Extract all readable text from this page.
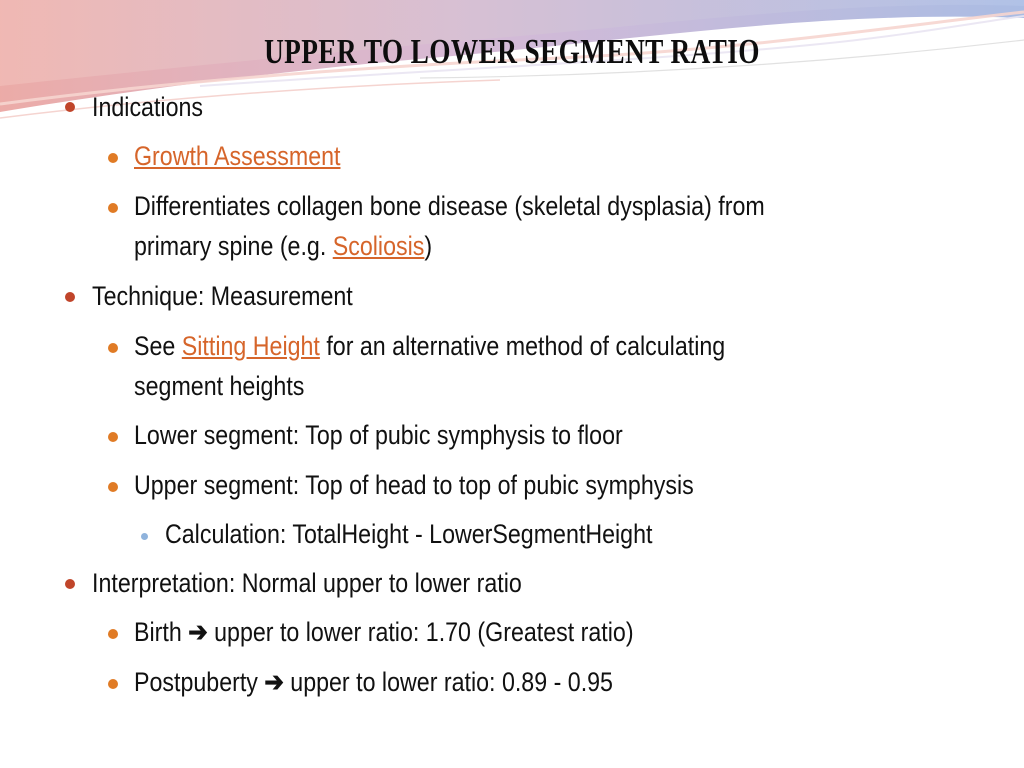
UPPER TO LOWER SEGMENT RATIO
Indications
Growth Assessment
Differentiates collagen bone disease (skeletal dysplasia) from
primary spine (e.g. Scoliosis)
Technique: Measurement
See Sitting Height for an alternative method of calculating
segment heights
Lower segment: Top of pubic symphysis to floor
Upper segment: Top of head to top of pubic symphysis
Calculation: TotalHeight - LowerSegmentHeight
Interpretation: Normal upper to lower ratio
Birth ➔ upper to lower ratio: 1.70 (Greatest ratio)
Postpuberty ➔ upper to lower ratio: 0.89 - 0.95
